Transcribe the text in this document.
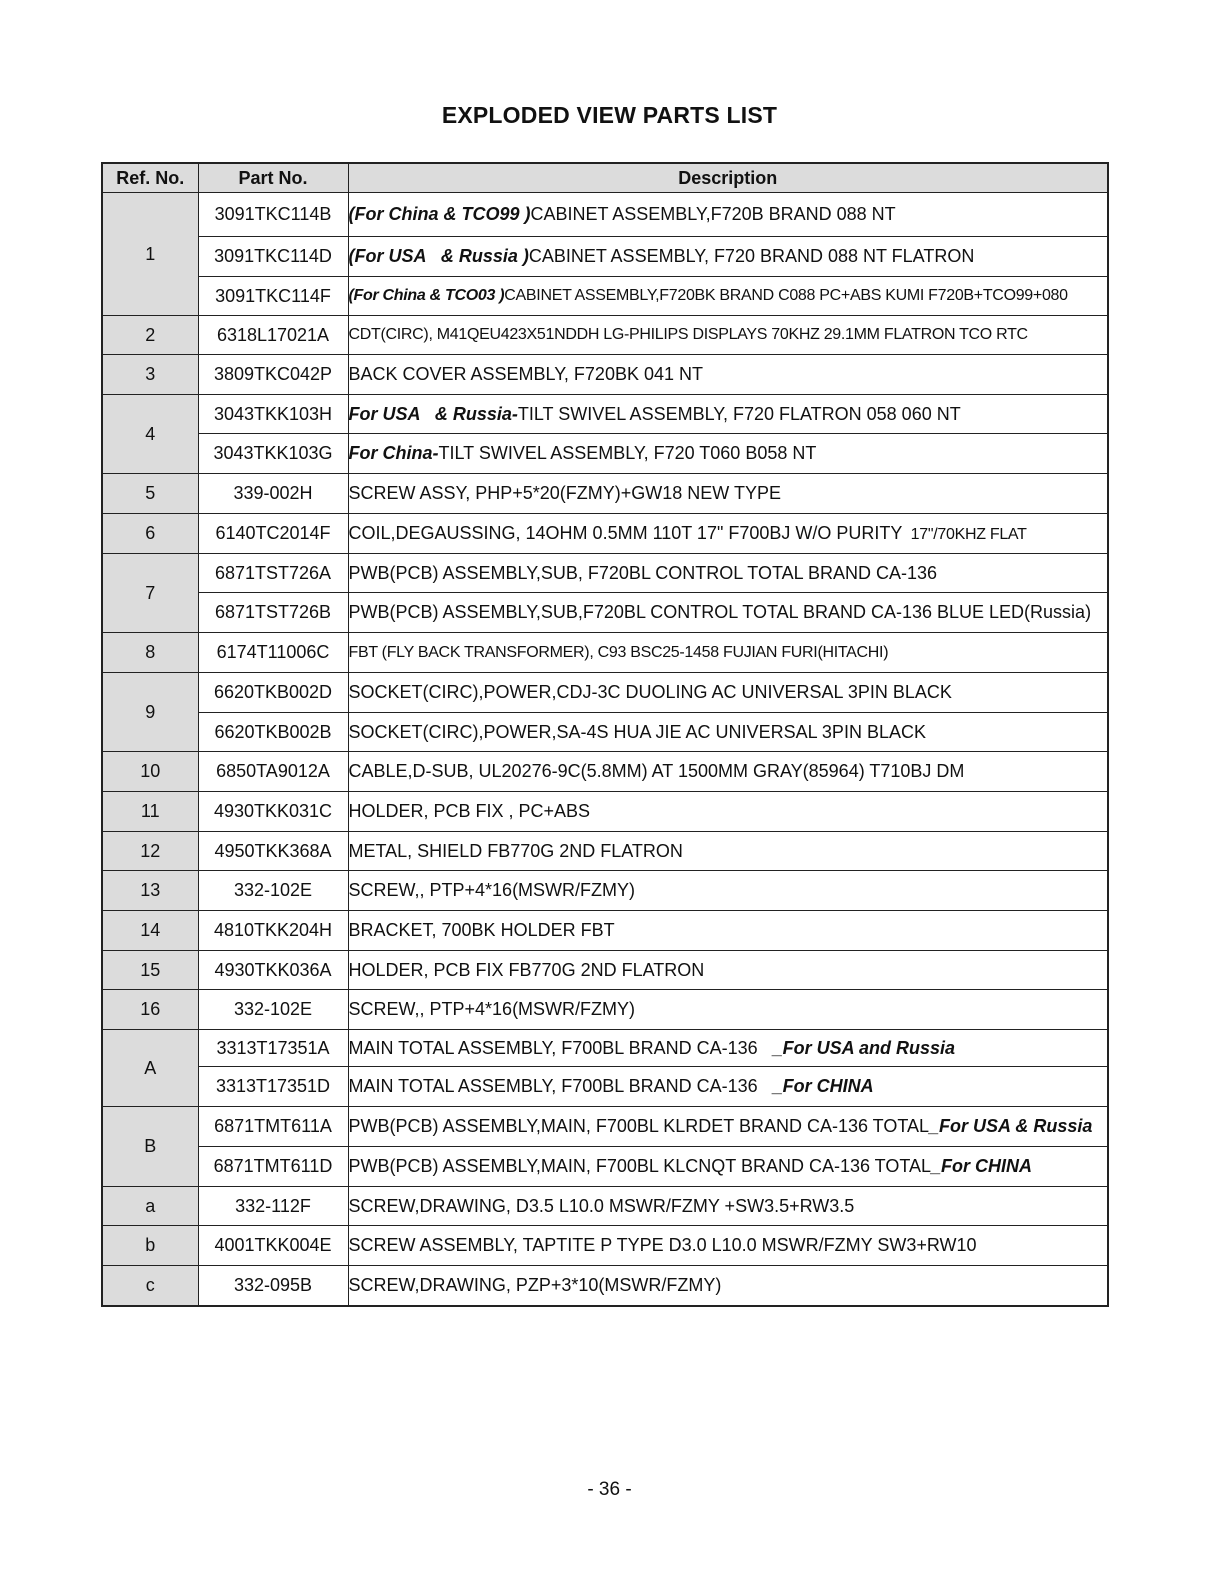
EXPLODED VIEW PARTS LIST
Ref. No.	Part No.	Description
1	3091TKC114B	(For China & TCO99 )CABINET ASSEMBLY,F720B BRAND 088 NT
	3091TKC114D	(For USA   & Russia )CABINET ASSEMBLY, F720 BRAND 088 NT FLATRON
	3091TKC114F	(For China & TCO03 )CABINET ASSEMBLY,F720BK BRAND C088 PC+ABS KUMI F720B+TCO99+080
2	6318L17021A	CDT(CIRC), M41QEU423X51NDDH LG-PHILIPS DISPLAYS 70KHZ 29.1MM FLATRON TCO RTC
3	3809TKC042P	BACK COVER ASSEMBLY, F720BK 041 NT
4	3043TKK103H	For USA   & Russia-TILT SWIVEL ASSEMBLY, F720 FLATRON 058 060 NT
	3043TKK103G	For China-TILT SWIVEL ASSEMBLY, F720 T060 B058 NT
5	339-002H	SCREW ASSY, PHP+5*20(FZMY)+GW18 NEW TYPE
6	6140TC2014F	COIL,DEGAUSSING, 14OHM 0.5MM 110T 17" F700BJ W/O PURITY  17"/70KHZ FLAT
7	6871TST726A	PWB(PCB) ASSEMBLY,SUB, F720BL CONTROL TOTAL BRAND CA-136
	6871TST726B	PWB(PCB) ASSEMBLY,SUB,F720BL CONTROL TOTAL BRAND CA-136 BLUE LED(Russia)
8	6174T11006C	FBT (FLY BACK TRANSFORMER), C93 BSC25-1458 FUJIAN FURI(HITACHI)
9	6620TKB002D	SOCKET(CIRC),POWER,CDJ-3C DUOLING AC UNIVERSAL 3PIN BLACK
	6620TKB002B	SOCKET(CIRC),POWER,SA-4S HUA JIE AC UNIVERSAL 3PIN BLACK
10	6850TA9012A	CABLE,D-SUB, UL20276-9C(5.8MM) AT 1500MM GRAY(85964) T710BJ DM
11	4930TKK031C	HOLDER, PCB FIX , PC+ABS
12	4950TKK368A	METAL, SHIELD FB770G 2ND FLATRON
13	332-102E	SCREW,, PTP+4*16(MSWR/FZMY)
14	4810TKK204H	BRACKET, 700BK HOLDER FBT
15	4930TKK036A	HOLDER, PCB FIX FB770G 2ND FLATRON
16	332-102E	SCREW,, PTP+4*16(MSWR/FZMY)
A	3313T17351A	MAIN TOTAL ASSEMBLY, F700BL BRAND CA-136   _For USA and Russia
	3313T17351D	MAIN TOTAL ASSEMBLY, F700BL BRAND CA-136   _For CHINA
B	6871TMT611A	PWB(PCB) ASSEMBLY,MAIN, F700BL KLRDET BRAND CA-136 TOTAL_For USA & Russia
	6871TMT611D	PWB(PCB) ASSEMBLY,MAIN, F700BL KLCNQT BRAND CA-136 TOTAL_For CHINA
a	332-112F	SCREW,DRAWING, D3.5 L10.0 MSWR/FZMY +SW3.5+RW3.5
b	4001TKK004E	SCREW ASSEMBLY, TAPTITE P TYPE D3.0 L10.0 MSWR/FZMY SW3+RW10
c	332-095B	SCREW,DRAWING, PZP+3*10(MSWR/FZMY)
- 36 -
